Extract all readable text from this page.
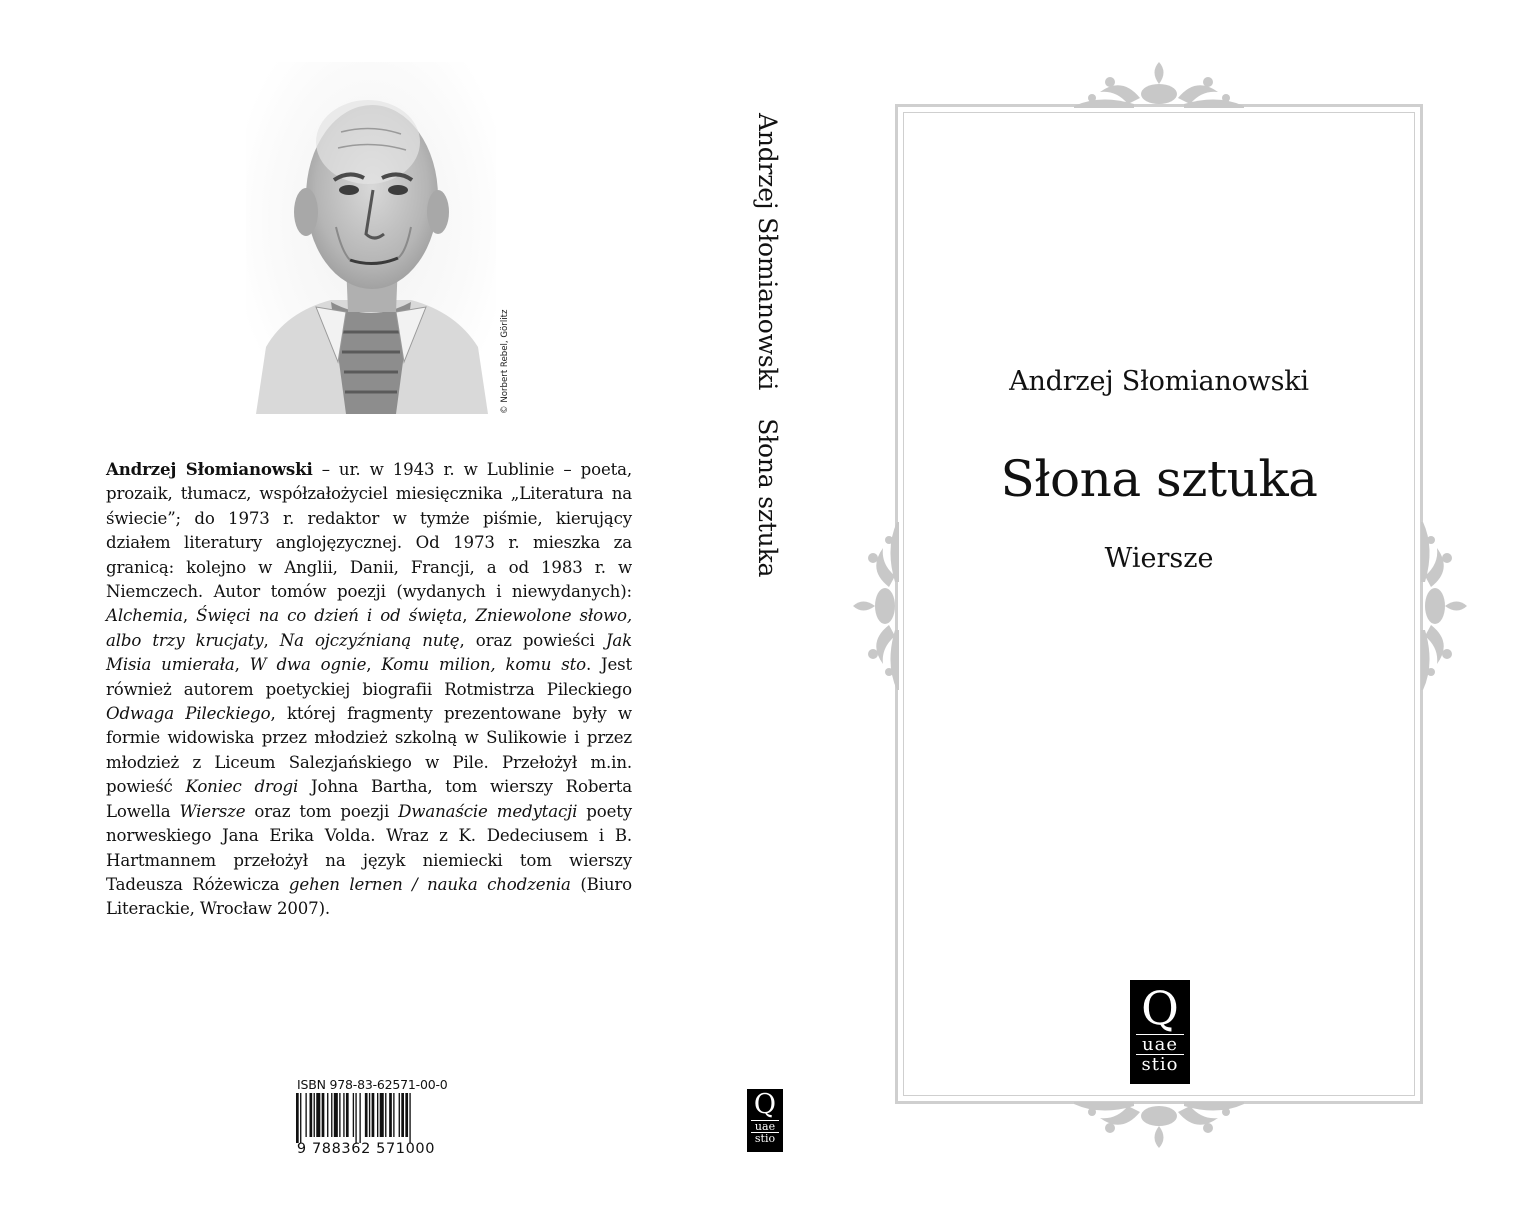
© Norbert Rebel, Görlitz
Andrzej Słomianowski – ur. w 1943 r. w Lublinie – poeta, prozaik, tłumacz, współzałożyciel miesięcznika „Literatura na świecie”; do 1973 r. redaktor w tymże piśmie, kierujący działem literatury anglojęzycznej. Od 1973 r. mieszka za granicą: kolejno w Anglii, Danii, Francji, a od 1983 r. w Niemczech. Autor tomów poezji (wydanych i niewydanych): Alchemia, Święci na co dzień i od święta, Zniewolone słowo, albo trzy krucjaty, Na ojczyźnianą nutę, oraz powieści Jak Misia umierała, W dwa ognie, Komu milion, komu sto. Jest również autorem poetyckiej biografii Rotmistrza Pileckiego Odwaga Pileckiego, której fragmenty prezentowane były w formie widowiska przez młodzież szkolną w Sulikowie i przez młodzież z Liceum Salezjańskiego w Pile. Przełożył m.in. powieść Koniec drogi Johna Bartha, tom wierszy Roberta Lowella Wiersze oraz tom poezji Dwanaście medytacji poety norweskiego Jana Erika Volda. Wraz z K. Dedeciusem i B. Hartmannem przełożył na język niemiecki tom wierszy Tadeusza Różewicza gehen lernen / nauka chodzenia (Biuro Literackie, Wrocław 2007).
ISBN 978-83-62571-00-0
9 788362 571000
Andrzej SłomianowskiSłona sztuka
Q
uae
stio
Andrzej Słomianowski
Słona sztuka
Wiersze
Q
uae
stio
